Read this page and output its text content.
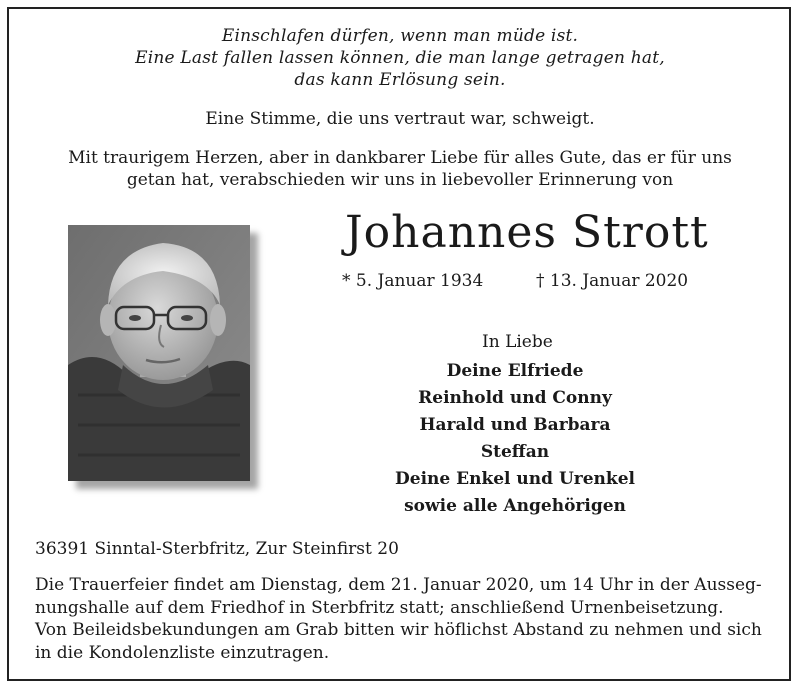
Einschlafen dürfen, wenn man müde ist.
Eine Last fallen lassen können, die man lange getragen hat,
das kann Erlösung sein.
Eine Stimme, die uns vertraut war, schweigt.
Mit traurigem Herzen, aber in dankbarer Liebe für alles Gute, das er für uns
getan hat, verabschieden wir uns in liebevoller Erinnerung von
Johannes Strott
* 5. Januar 1934	† 13. Januar 2020
In Liebe
Deine Elfriede
Reinhold und Conny
Harald und Barbara
Steffan
Deine Enkel und Urenkel
sowie alle Angehörigen
36391 Sinntal-Sterbfritz, Zur Steinfirst 20
Die Trauerfeier findet am Dienstag, dem 21. Januar 2020, um 14 Uhr in der Ausseg-
nungshalle auf dem Friedhof in Sterbfritz statt; anschließend Urnenbeisetzung.
Von Beileidsbekundungen am Grab bitten wir höflichst Abstand zu nehmen und sich
in die Kondolenzliste einzutragen.
